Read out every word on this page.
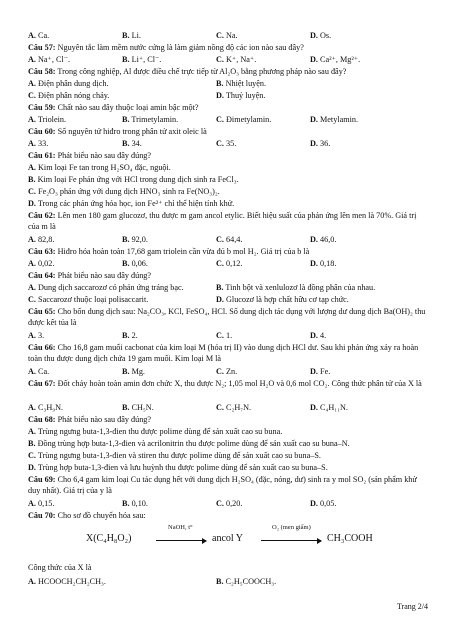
A. Ca.	B. Li.	C. Na.	D. Os.
Câu 57: Nguyên tắc làm mềm nước cứng là làm giảm nồng độ các ion nào sau đây?
A. Na⁺, Cl⁻.	B. Li⁺, Cl⁻.	C. K⁺, Na⁺.	D. Ca²⁺, Mg²⁺.
Câu 58: Trong công nghiệp, Al được điều chế trực tiếp từ Al₂O₃ bằng phương pháp nào sau đây?
A. Điện phân dung dịch.	B. Nhiệt luyện.
C. Điện phân nóng chảy.	D. Thuỷ luyện.
Câu 59: Chất nào sau đây thuộc loại amin bậc một?
A. Triolein.	B. Trimetylamin.	C. Đimetylamin.	D. Metylamin.
Câu 60: Số nguyên tử hiđro trong phân tử axit oleic là
A. 33.	B. 34.	C. 35.	D. 36.
Câu 61: Phát biểu nào sau đây đúng?
A. Kim loại Fe tan trong H₂SO₄ đặc, nguội.
B. Kim loại Fe phản ứng với HCl trong dung dịch sinh ra FeCl₃.
C. Fe₂O₃ phản ứng với dung dịch HNO₃ sinh ra Fe(NO₃)₂.
D. Trong các phản ứng hóa học, ion Fe²⁺ chỉ thể hiện tính khử.
Câu 62: Lên men 180 gam glucozơ, thu được m gam ancol etylic. Biết hiệu suất của phản ứng lên men là 70%. Giá trị của m là
A. 82,8.	B. 92,0.	C. 64,4.	D. 46,0.
Câu 63: Hiđro hóa hoàn toàn 17,68 gam triolein cần vừa đủ b mol H₂. Giá trị của b là
A. 0,02.	B. 0,06.	C. 0,12.	D. 0,18.
Câu 64: Phát biểu nào sau đây đúng?
A. Dung dịch saccarozơ có phản ứng tráng bạc.	B. Tinh bột và xenlulozơ là đồng phân của nhau.
C. Saccarozơ thuộc loại polisaccarit.	D. Glucozơ là hợp chất hữu cơ tạp chức.
Câu 65: Cho bốn dung dịch sau: Na₂CO₃, KCl, FeSO₄, HCl. Số dung dịch tác dụng với lượng dư dung dịch Ba(OH)₂ thu được kết tủa là
A. 3.	B. 2.	C. 1.	D. 4.
Câu 66: Cho 16,8 gam muối cacbonat của kim loại M (hóa trị II) vào dung dịch HCl dư. Sau khi phản ứng xảy ra hoàn toàn thu được dung dịch chứa 19 gam muối. Kim loại M là
A. Ca.	B. Mg.	C. Zn.	D. Fe.
Câu 67: Đốt cháy hoàn toàn amin đơn chức X, thu được N₂; 1,05 mol H₂O và 0,6 mol CO₂. Công thức phân tử của X là
A. C₃H₉N.	B. CH₅N.	C. C₂H₇N.	D. C₄H₁₁N.
Câu 68: Phát biểu nào sau đây đúng?
A. Trùng ngưng buta-1,3-đien thu được polime dùng để sản xuất cao su buna.
B. Đồng trùng hợp buta-1,3-đien và acrilonitrin thu được polime dùng để sản xuất cao su buna–N.
C. Trùng ngưng buta-1,3-đien và stiren thu được polime dùng để sản xuất cao su buna–S.
D. Trùng hợp buta-1,3-đien và lưu huỳnh thu được polime dùng để sản xuất cao su buna–S.
Câu 69: Cho 6,4 gam kim loại Cu tác dụng hết với dung dịch H₂SO₄ (đặc, nóng, dư) sinh ra y mol SO₂ (sản phẩm khử duy nhất). Giá trị của y là
A. 0,15.	B. 0,10.	C. 0,20.	D. 0,05.
Câu 70: Cho sơ đồ chuyển hóa sau:
X(C₄H₈O₂)
NaOH, t°
ancol Y
O₂ (men giấm)
CH₃COOH
Công thức của X là
A. HCOOCH₂CH₂CH₃.	B. C₂H₅COOCH₃.
Trang 2/4
